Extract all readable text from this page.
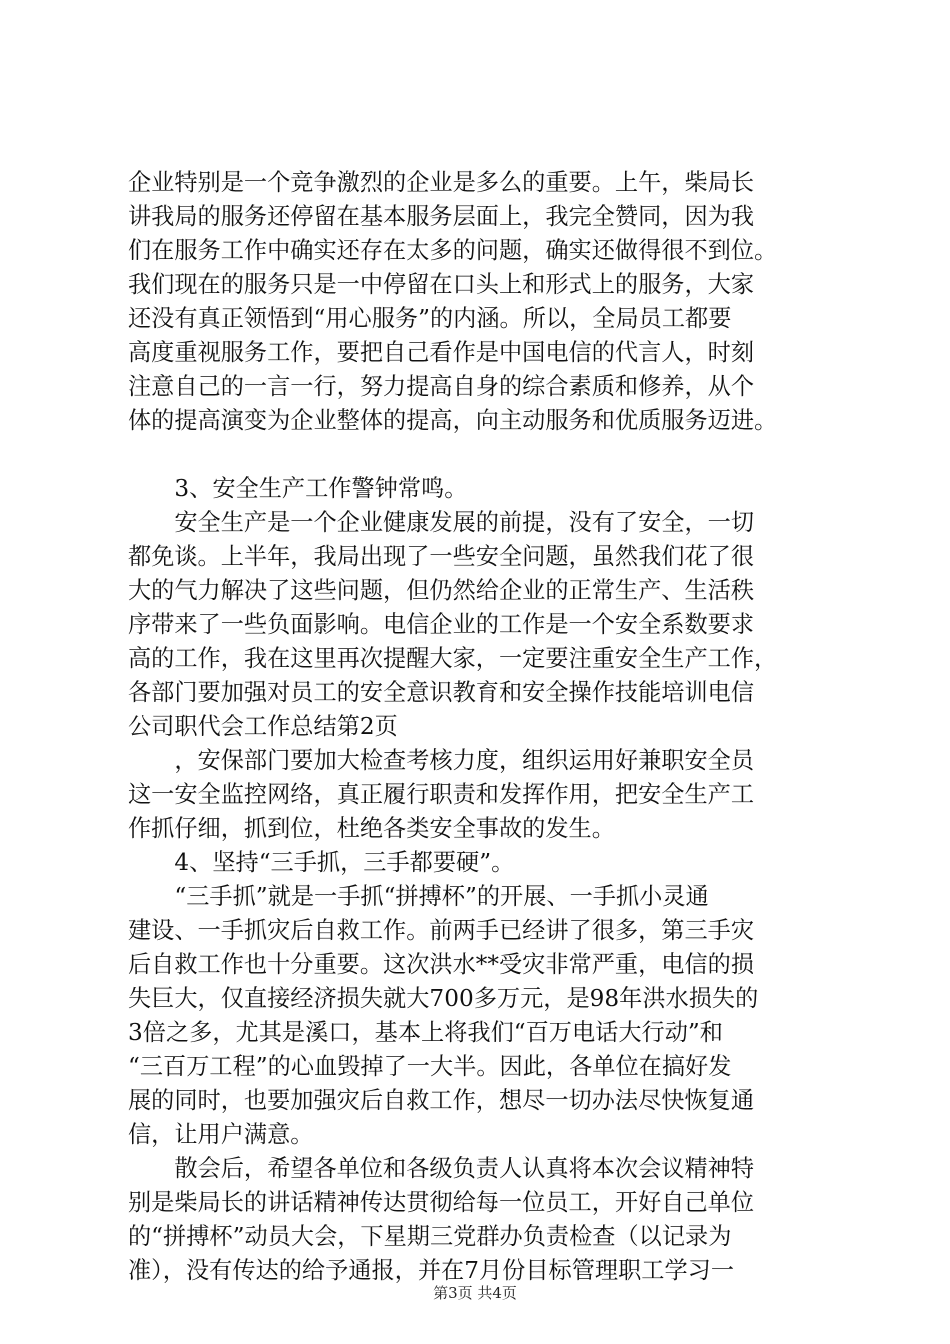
企业特别是一个竞争激烈的企业是多么的重要。上午，柴局长
讲我局的服务还停留在基本服务层面上，我完全赞同，因为我
们在服务工作中确实还存在太多的问题，确实还做得很不到位。
我们现在的服务只是一中停留在口头上和形式上的服务，大家
还没有真正领悟到“用心服务”的内涵。所以，全局员工都要
高度重视服务工作，要把自己看作是中国电信的代言人，时刻
注意自己的一言一行，努力提高自身的综合素质和修养，从个
体的提高演变为企业整体的提高，向主动服务和优质服务迈进。
　　3、安全生产工作警钟常鸣。
　　安全生产是一个企业健康发展的前提，没有了安全，一切
都免谈。上半年，我局出现了一些安全问题，虽然我们花了很
大的气力解决了这些问题，但仍然给企业的正常生产、生活秩
序带来了一些负面影响。电信企业的工作是一个安全系数要求
高的工作，我在这里再次提醒大家，一定要注重安全生产工作，
各部门要加强对员工的安全意识教育和安全操作技能培训电信
公司职代会工作总结第2页
　　，安保部门要加大检查考核力度，组织运用好兼职安全员
这一安全监控网络，真正履行职责和发挥作用，把安全生产工
作抓仔细，抓到位，杜绝各类安全事故的发生。
　　4、坚持“三手抓，三手都要硬”。
　　“三手抓”就是一手抓“拼搏杯”的开展、一手抓小灵通
建设、一手抓灾后自救工作。前两手已经讲了很多，第三手灾
后自救工作也十分重要。这次洪水**受灾非常严重，电信的损
失巨大，仅直接经济损失就大700多万元，是98年洪水损失的
3倍之多，尤其是溪口，基本上将我们“百万电话大行动”和
“三百万工程”的心血毁掉了一大半。因此，各单位在搞好发
展的同时，也要加强灾后自救工作，想尽一切办法尽快恢复通
信，让用户满意。
　　散会后，希望各单位和各级负责人认真将本次会议精神特
别是柴局长的讲话精神传达贯彻给每一位员工，开好自己单位
的“拼搏杯”动员大会，下星期三党群办负责检查（以记录为
准），没有传达的给予通报，并在7月份目标管理职工学习一
第3页 共4页
